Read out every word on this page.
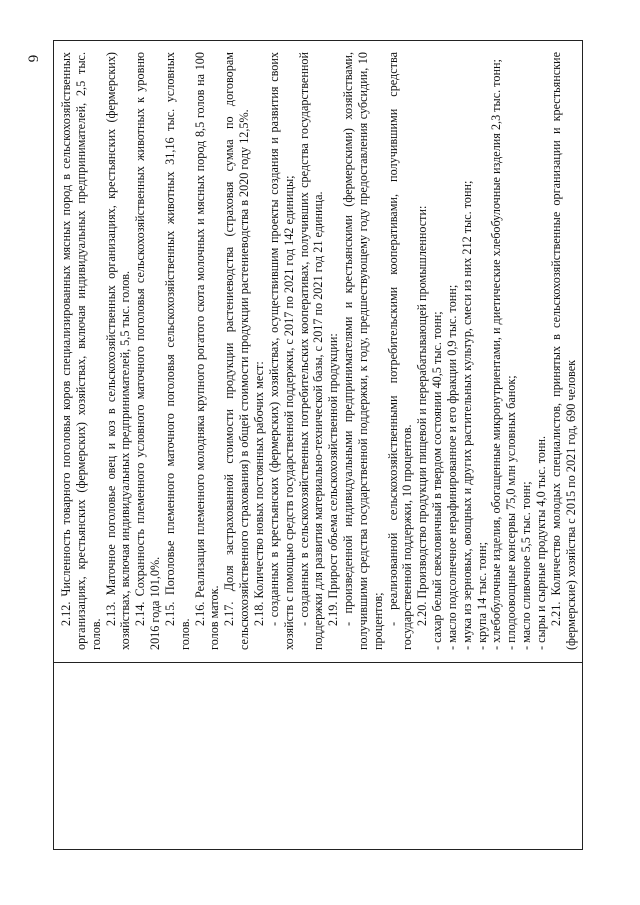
6 2.12. Численность товарного поголовья коров специализированных мясных пород в сельскохозяйственных организациях, крестьянских (фермерских) хозяйствах, включая индивидуальных предпринимателей, 2,5 тыс. голов.

2.13. Маточное поголовье овец и коз в сельскохозяйственных организациях, крестьянских (фермерских) хозяйствах, включая индивидуальных предпринимателей, 5,5 тыс. голов. 2.14. Сохранность племенного условного маточного поголовья сельскохозяйственных животных к уровню 2016 года 101,0%. 2.15. Поголовье племенного маточного поголовья сельскохозяйственных животных 31,16 тыс. условных голов.

2.16. Реализация племенного молодняка крупного рогатого скота молочных и мясных пород 8,5 голов на 100 голов маток. 2.17. Доля застрахованной стоимости продукции растениеводства (страховая сумма по договорам сельскохозяйственного страхования) в общей стоимости продукции растениеводства в 2020 году 12,5%. 2.18. Количество новых постоянных рабочих мест: - созданных в крестьянских (фермерских) хозяйствах, осуществившим проекты создания и развития своих хозяйств с помощью средств государственной поддержки, с 2017 по 2021 год 142 единицы; - созданных в сельскохозяйственных потребительских кооперативах, получивших средства государственной поддержки для развития материально-технической базы, с 2017 по 2021 год 21 единица. 2.19. Прирост объема сельскохозяйственной продукции: - произведенной индивидуальными предпринимателями и крестьянскими (фермерскими) хозяйствами, получившими средства государственной поддержки, к году, предшествующему году предоставления субсидии, 10 процентов; - реализованной сельскохозяйственными потребительскими кооперативами, получившими средства государственной поддержки, 10 процентов. 2.20. Производство продукции пищевой и перерабатывающей промышленности: - сахар белый свекловичный в твердом состоянии 40,5 тыс. тонн; - масло подсолнечное нерафинированное и его фракции 0,9 тыс. тонн; - мука из зерновых, овощных и других растительных культур, смеси из них 212 тыс. тонн; - крупа 14 тыс. тонн; - хлебобулочные изделия, обогащенные микронутриентами, и диетические хлебобулочные изделия 2,3 тыс. тонн; - плодоовощные консервы 75,0 млн условных банок; - масло сливочное 5,5 тыс. тонн; - сыры и сырные продукты 4,0 тыс. тонн. 2.21. Количество молодых специалистов, принятых в сельскохозяйственные организации и крестьянские (фермерские) хозяйства с 2015 по 2021 год, 690 человек
